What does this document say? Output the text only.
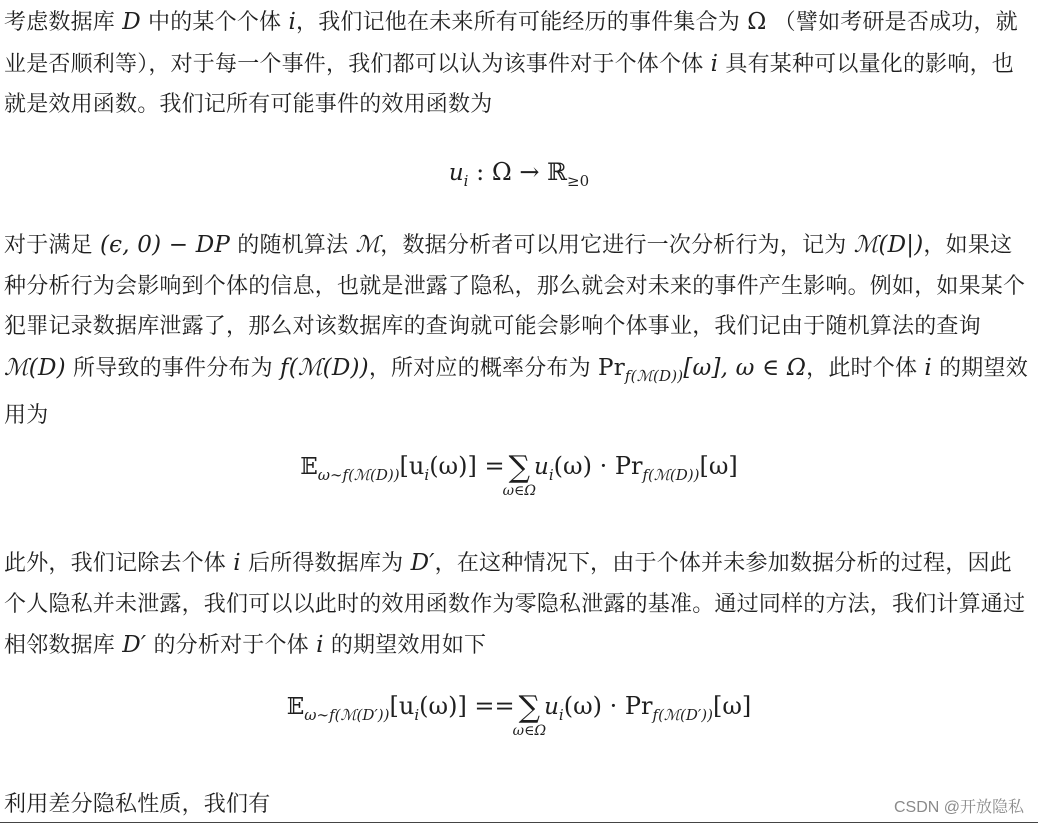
考虑数据库 D 中的某个个体 i，我们记他在未来所有可能经历的事件集合为 Ω （譬如考研是否成功，就业是否顺利等），对于每一个事件，我们都可以认为该事件对于个体个体 i 具有某种可以量化的影响，也就是效用函数。我们记所有可能事件的效用函数为

$u_i$ : Ω → ℝ$_{\ge 0}$

对于满足 (ϵ, 0) − DP 的随机算法 ℳ，数据分析者可以用它进行一次分析行为，记为 ℳ(D|)，如果这种分析行为会影响到个体的信息，也就是泄露了隐私，那么就会对未来的事件产生影响。例如，如果某个犯罪记录数据库泄露了，那么对该数据库的查询就可能会影响个体事业，我们记由于随机算法的查询 ℳ(D) 所导致的事件分布为 f(ℳ(D))，所对应的概率分布为 $Pr_{f(ℳ(D))}[\omega]$, ω ∈ Ω，此时个体 i 的期望效用为

$𝔼_{\omega\sim f(ℳ(D))}[u_i(\omega)]$ = ∑
ω∈Ω
$u_i(\omega) \cdot Pr_{f(ℳ(D))}[\omega]$

此外，我们记除去个体 i 后所得数据库为 D′，在这种情况下，由于个体并未参加数据分析的过程，因此个人隐私并未泄露，我们可以以此时的效用函数作为零隐私泄露的基准。通过同样的方法，我们计算通过相邻数据库 D′ 的分析对于个体 i 的期望效用如下

$𝔼_{\omega\sim f(ℳ(D'))}[u_i(\omega)]$ == ∑
ω∈Ω
$u_i(\omega) \cdot Pr_{f(ℳ(D'))}[\omega]$

利用差分隐私性质，我们有	CSDN @开放隐私
